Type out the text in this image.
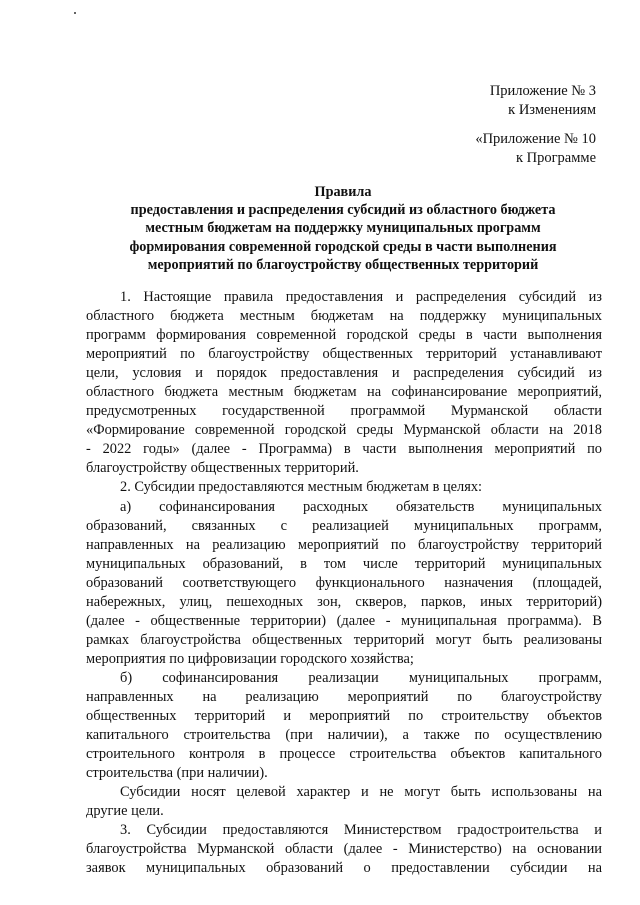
Приложение № 3
к Изменениям
«Приложение № 10
к Программе
Правила
предоставления и распределения субсидий из областного бюджета
местным бюджетам на поддержку муниципальных программ
формирования современной городской среды в части выполнения
мероприятий по благоустройству общественных территорий
1. Настоящие правила предоставления и распределения субсидий из
областного бюджета местным бюджетам на поддержку муниципальных
программ формирования современной городской среды в части выполнения
мероприятий по благоустройству общественных территорий устанавливают
цели, условия и порядок предоставления и распределения субсидий из
областного бюджета местным бюджетам на софинансирование мероприятий,
предусмотренных государственной программой Мурманской области
«Формирование современной городской среды Мурманской области на 2018
- 2022 годы» (далее - Программа) в части выполнения мероприятий по
благоустройству общественных территорий.
2. Субсидии предоставляются местным бюджетам в целях:
а) софинансирования расходных обязательств муниципальных
образований, связанных с реализацией муниципальных программ,
направленных на реализацию мероприятий по благоустройству территорий
муниципальных образований, в том числе территорий муниципальных
образований соответствующего функционального назначения (площадей,
набережных, улиц, пешеходных зон, скверов, парков, иных территорий)
(далее - общественные территории) (далее - муниципальная программа). В
рамках благоустройства общественных территорий могут быть реализованы
мероприятия по цифровизации городского хозяйства;
б) софинансирования реализации муниципальных программ,
направленных на реализацию мероприятий по благоустройству
общественных территорий и мероприятий по строительству объектов
капитального строительства (при наличии), а также по осуществлению
строительного контроля в процессе строительства объектов капитального
строительства (при наличии).
Субсидии носят целевой характер и не могут быть использованы на
другие цели.
3. Субсидии предоставляются Министерством градостроительства и
благоустройства Мурманской области (далее - Министерство) на основании
заявок муниципальных образований о предоставлении субсидии на
